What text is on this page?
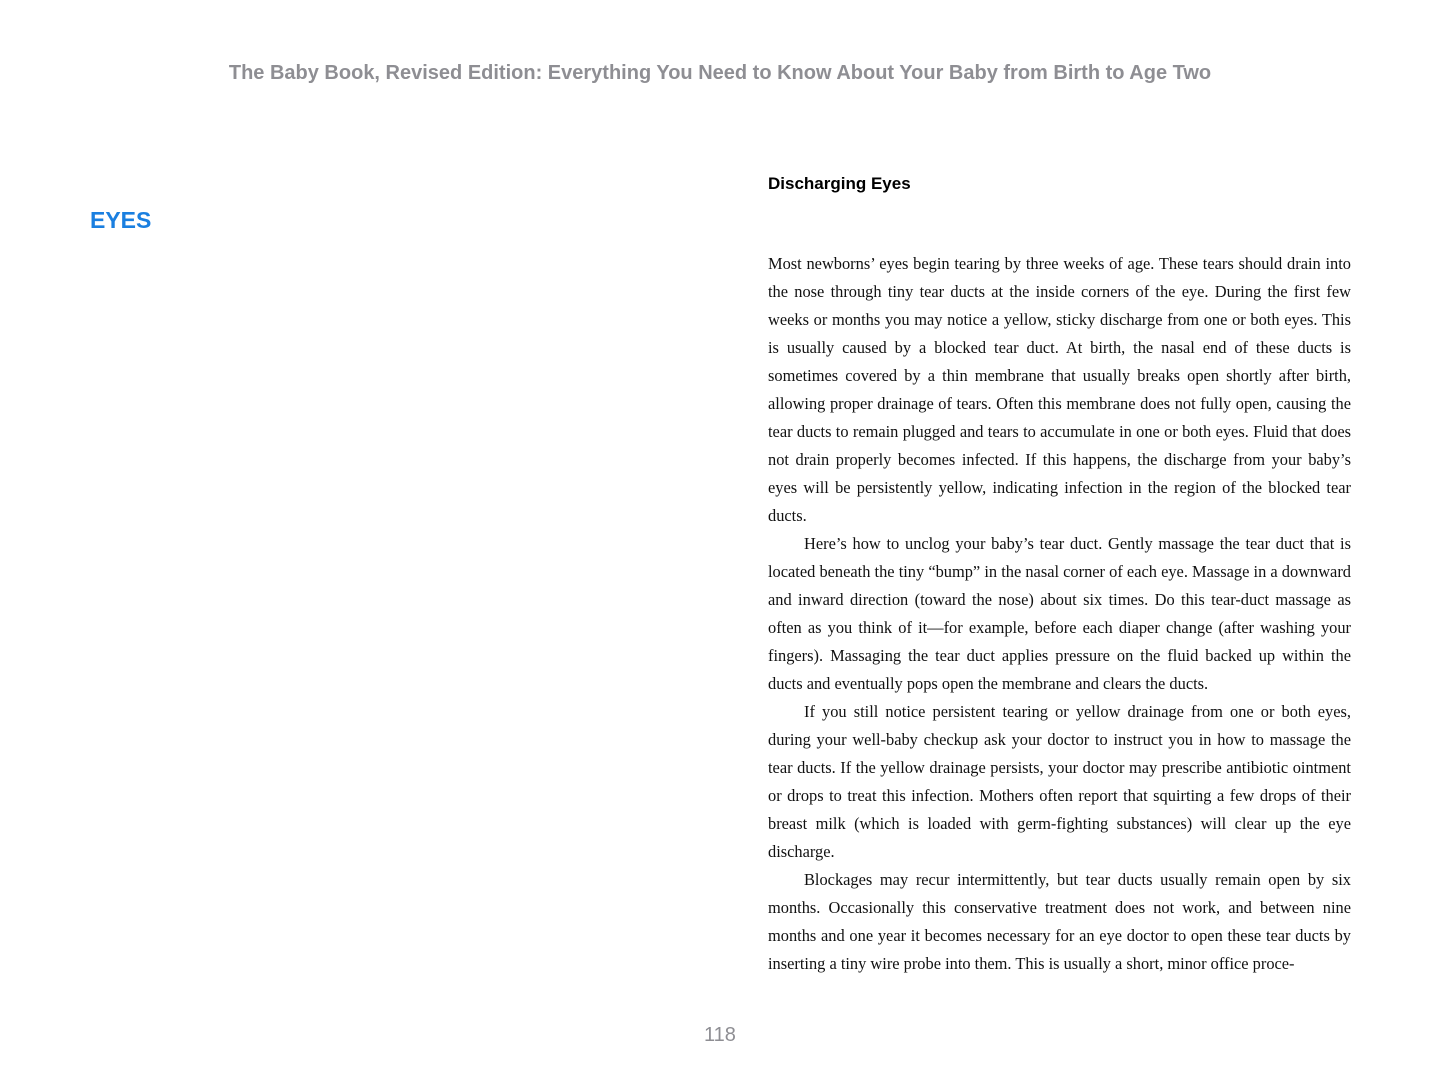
The Baby Book, Revised Edition: Everything You Need to Know About Your Baby from Birth to Age Two
EYES
Discharging Eyes

Most newborns’ eyes begin tearing by three weeks of age. These tears should drain into the nose through tiny tear ducts at the inside corners of the eye. During the first few weeks or months you may notice a yellow, sticky discharge from one or both eyes. This is usually caused by a blocked tear duct. At birth, the nasal end of these ducts is sometimes covered by a thin membrane that usually breaks open shortly after birth, allowing proper drainage of tears. Often this membrane does not fully open, causing the tear ducts to remain plugged and tears to accumulate in one or both eyes. Fluid that does not drain properly becomes infected. If this happens, the discharge from your baby’s eyes will be persistently yellow, indicating infection in the region of the blocked tear ducts.

Here’s how to unclog your baby’s tear duct. Gently massage the tear duct that is located beneath the tiny “bump” in the nasal corner of each eye. Massage in a downward and inward direction (toward the nose) about six times. Do this tear-duct massage as often as you think of it—for example, before each diaper change (after washing your fingers). Massaging the tear duct applies pressure on the fluid backed up within the ducts and eventually pops open the membrane and clears the ducts.

If you still notice persistent tearing or yellow drainage from one or both eyes, during your well-baby checkup ask your doctor to instruct you in how to massage the tear ducts. If the yellow drainage persists, your doctor may prescribe antibiotic ointment or drops to treat this infection. Mothers often report that squirting a few drops of their breast milk (which is loaded with germ-fighting substances) will clear up the eye discharge.

Blockages may recur intermittently, but tear ducts usually remain open by six months. Occasionally this conservative treatment does not work, and between nine months and one year it becomes necessary for an eye doctor to open these tear ducts by inserting a tiny wire probe into them. This is usually a short, minor office proce-

118
